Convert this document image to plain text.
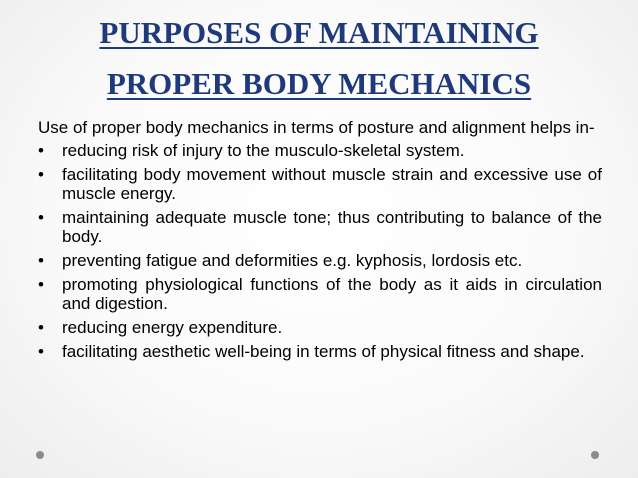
PURPOSES OF MAINTAINING
PROPER BODY MECHANICS

Use of proper body mechanics in terms of posture and alignment helps in-

• reducing risk of injury to the musculo-skeletal system.
• facilitating body movement without muscle strain and excessive use of muscle energy.
• maintaining adequate muscle tone; thus contributing to balance of the body.
• preventing fatigue and deformities e.g. kyphosis, lordosis etc.
• promoting physiological functions of the body as it aids in circulation and digestion.
• reducing energy expenditure.
• facilitating aesthetic well-being in terms of physical fitness and shape.
